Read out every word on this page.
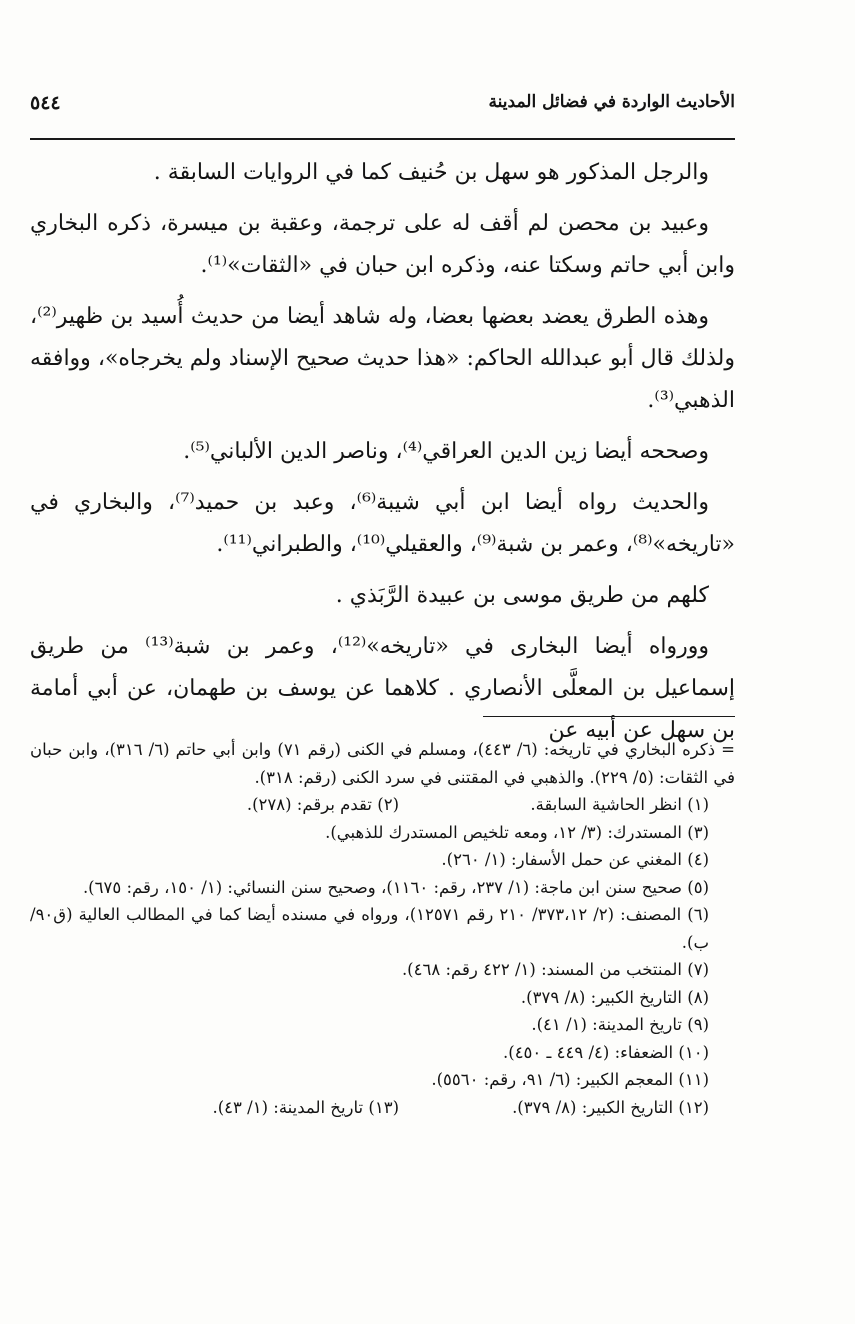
الأحاديث الواردة في فضائل المدينة
٥٤٤

والرجل المذكور هو سهل بن حُنيف كما في الروايات السابقة .

وعبيد بن محصن لم أقف له على ترجمة، وعقبة بن ميسرة، ذكره البخاري وابن أبي حاتم وسكتا عنه، وذكره ابن حبان في «الثقات»⁽¹⁾.

وهذه الطرق يعضد بعضها بعضا، وله شاهد أيضا من حديث أُسيد بن ظهير⁽²⁾، ولذلك قال أبو عبدالله الحاكم: «هذا حديث صحيح الإسناد ولم يخرجاه»، ووافقه الذهبي⁽³⁾.

وصححه أيضا زين الدين العراقي⁽⁴⁾، وناصر الدين الألباني⁽⁵⁾.

والحديث رواه أيضا ابن أبي شيبة⁽⁶⁾، وعبد بن حميد⁽⁷⁾، والبخاري في «تاريخه»⁽⁸⁾، وعمر بن شبة⁽⁹⁾، والعقيلي⁽¹⁰⁾، والطبراني⁽¹¹⁾.

كلهم من طريق موسى بن عبيدة الرَّبَذي .

وورواه أيضا البخارى في «تاريخه»⁽¹²⁾، وعمر بن شبة⁽¹³⁾ من طريق إسماعيل بن المعلَّى الأنصاري . كلاهما عن يوسف بن طهمان، عن أبي أمامة بن سهل عن أبيه عن

= ذكره البخاري في تاريخه: (٦/ ٤٤٣)، ومسلم في الكنى (رقم ٧١) وابن أبي حاتم (٦/ ٣١٦)، وابن حبان في الثقات: (٥/ ٢٢٩). والذهبي في المقتنى في سرد الكنى (رقم: ٣١٨).

(١) انظر الحاشية السابقة.
(٢) تقدم برقم: (٢٧٨).

(٣) المستدرك: (٣/ ١٢، ومعه تلخيص المستدرك للذهبي).

(٤) المغني عن حمل الأسفار: (١/ ٢٦٠).

(٥) صحيح سنن ابن ماجة: (١/ ٢٣٧، رقم: ١١٦٠)، وصحيح سنن النسائي: (١/ ١٥٠، رقم: ٦٧٥).

(٦) المصنف: (٢/ ٣٧٣،١٢/ ٢١٠ رقم ١٢٥٧١)، ورواه في مسنده أيضا كما في المطالب العالية (ق٩٠/ب).

(٧) المنتخب من المسند: (١/ ٤٢٢ رقم: ٤٦٨).

(٨) التاريخ الكبير: (٨/ ٣٧٩).

(٩) تاريخ المدينة: (١/ ٤١).

(١٠) الضعفاء: (٤/ ٤٤٩ ـ ٤٥٠).

(١١) المعجم الكبير: (٦/ ٩١، رقم: ٥٥٦٠).

(١٢) التاريخ الكبير: (٨/ ٣٧٩).
(١٣) تاريخ المدينة: (١/ ٤٣).
